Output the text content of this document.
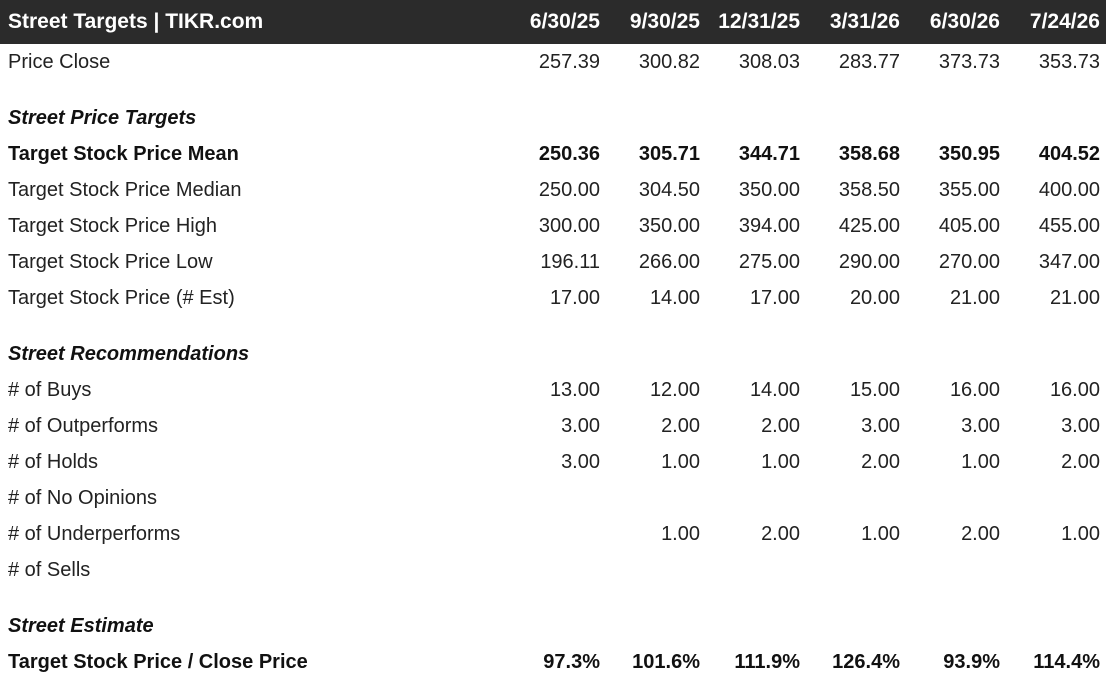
Street Targets | TIKR.com	6/30/25	9/30/25	12/31/25	3/31/26	6/30/26	7/24/26
Price Close	257.39	300.82	308.03	283.77	373.73	353.73
Street Price Targets						
Target Stock Price Mean	250.36	305.71	344.71	358.68	350.95	404.52
Target Stock Price Median	250.00	304.50	350.00	358.50	355.00	400.00
Target Stock Price High	300.00	350.00	394.00	425.00	405.00	455.00
Target Stock Price Low	196.11	266.00	275.00	290.00	270.00	347.00
Target Stock Price (# Est)	17.00	14.00	17.00	20.00	21.00	21.00
Street Recommendations						
# of Buys	13.00	12.00	14.00	15.00	16.00	16.00
# of Outperforms	3.00	2.00	2.00	3.00	3.00	3.00
# of Holds	3.00	1.00	1.00	2.00	1.00	2.00
# of No Opinions						
# of Underperforms		1.00	2.00	1.00	2.00	1.00
# of Sells						
Street Estimate						
Target Stock Price / Close Price	97.3%	101.6%	111.9%	126.4%	93.9%	114.4%
